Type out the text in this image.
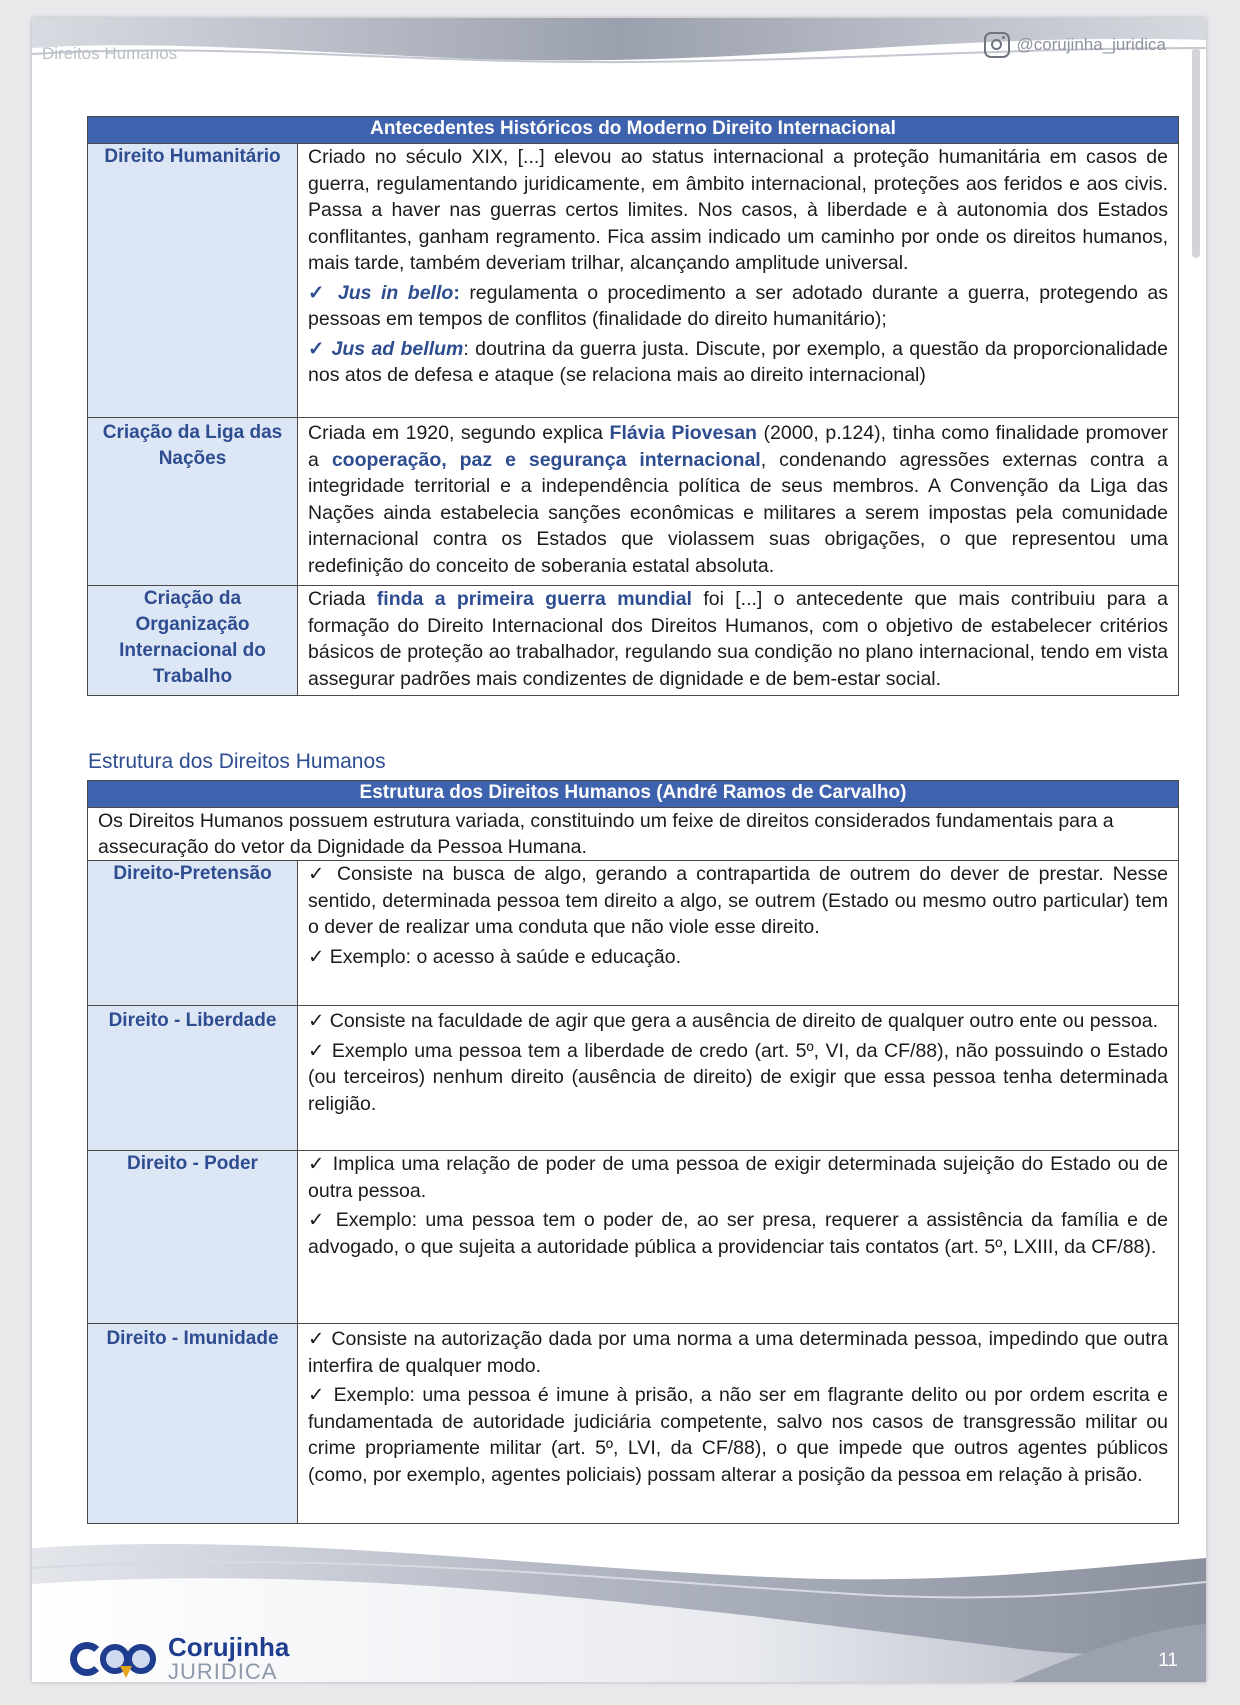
Direitos Humanos	@corujinha_juridica
Antecedentes Históricos do Moderno Direito Internacional	
Direito Humanitário	Criado no século XIX, [...] elevou ao status internacional a proteção humanitária em casos de guerra, regulamentando juridicamente, em âmbito internacional, proteções aos feridos e aos civis. Passa a haver nas guerras certos limites. Nos casos, à liberdade e à autonomia dos Estados conflitantes, ganham regramento. Fica assim indicado um caminho por onde os direitos humanos, mais tarde, também deveriam trilhar, alcançando amplitude universal.

✓ Jus in bello: regulamenta o procedimento a ser adotado durante a guerra, protegendo as pessoas em tempos de conflitos (finalidade do direito humanitário);

✓ Jus ad bellum: doutrina da guerra justa. Discute, por exemplo, a questão da proporcionalidade nos atos de defesa e ataque (se relaciona mais ao direito internacional)

Criação da Liga das Nações	Criada em 1920, segundo explica Flávia Piovesan (2000, p.124), tinha como finalidade promover a cooperação, paz e segurança internacional, condenando agressões externas contra a integridade territorial e a independência política de seus membros. A Convenção da Liga das Nações ainda estabelecia sanções econômicas e militares a serem impostas pela comunidade internacional contra os Estados que violassem suas obrigações, o que representou uma redefinição do conceito de soberania estatal absoluta.

Criação da Organização Internacional do Trabalho	Criada finda a primeira guerra mundial foi [...] o antecedente que mais contribuiu para a formação do Direito Internacional dos Direitos Humanos, com o objetivo de estabelecer critérios básicos de proteção ao trabalhador, regulando sua condição no plano internacional, tendo em vista assegurar padrões mais condizentes de dignidade e de bem-estar social.

Estrutura dos Direitos Humanos
Estrutura dos Direitos Humanos (André Ramos de Carvalho)	
Os Direitos Humanos possuem estrutura variada, constituindo um feixe de direitos considerados fundamentais para a assecuração do vetor da Dignidade da Pessoa Humana.	
Direito-Pretensão	✓ Consiste na busca de algo, gerando a contrapartida de outrem do dever de prestar. Nesse sentido, determinada pessoa tem direito a algo, se outrem (Estado ou mesmo outro particular) tem o dever de realizar uma conduta que não viole esse direito.

✓ Exemplo: o acesso à saúde e educação.

Direito - Liberdade	✓ Consiste na faculdade de agir que gera a ausência de direito de qualquer outro ente ou pessoa.

✓ Exemplo uma pessoa tem a liberdade de credo (art. 5º, VI, da CF/88), não possuindo o Estado (ou terceiros) nenhum direito (ausência de direito) de exigir que essa pessoa tenha determinada religião.

Direito - Poder	✓ Implica uma relação de poder de uma pessoa de exigir determinada sujeição do Estado ou de outra pessoa.

✓ Exemplo: uma pessoa tem o poder de, ao ser presa, requerer a assistência da família e de advogado, o que sujeita a autoridade pública a providenciar tais contatos (art. 5º, LXIII, da CF/88).

Direito - Imunidade	✓ Consiste na autorização dada por uma norma a uma determinada pessoa, impedindo que outra interfira de qualquer modo.

✓ Exemplo: uma pessoa é imune à prisão, a não ser em flagrante delito ou por ordem escrita e fundamentada de autoridade judiciária competente, salvo nos casos de transgressão militar ou crime propriamente militar (art. 5º, LVI, da CF/88), o que impede que outros agentes públicos (como, por exemplo, agentes policiais) possam alterar a posição da pessoa em relação à prisão.

Corujinha
JURIDICA	11
